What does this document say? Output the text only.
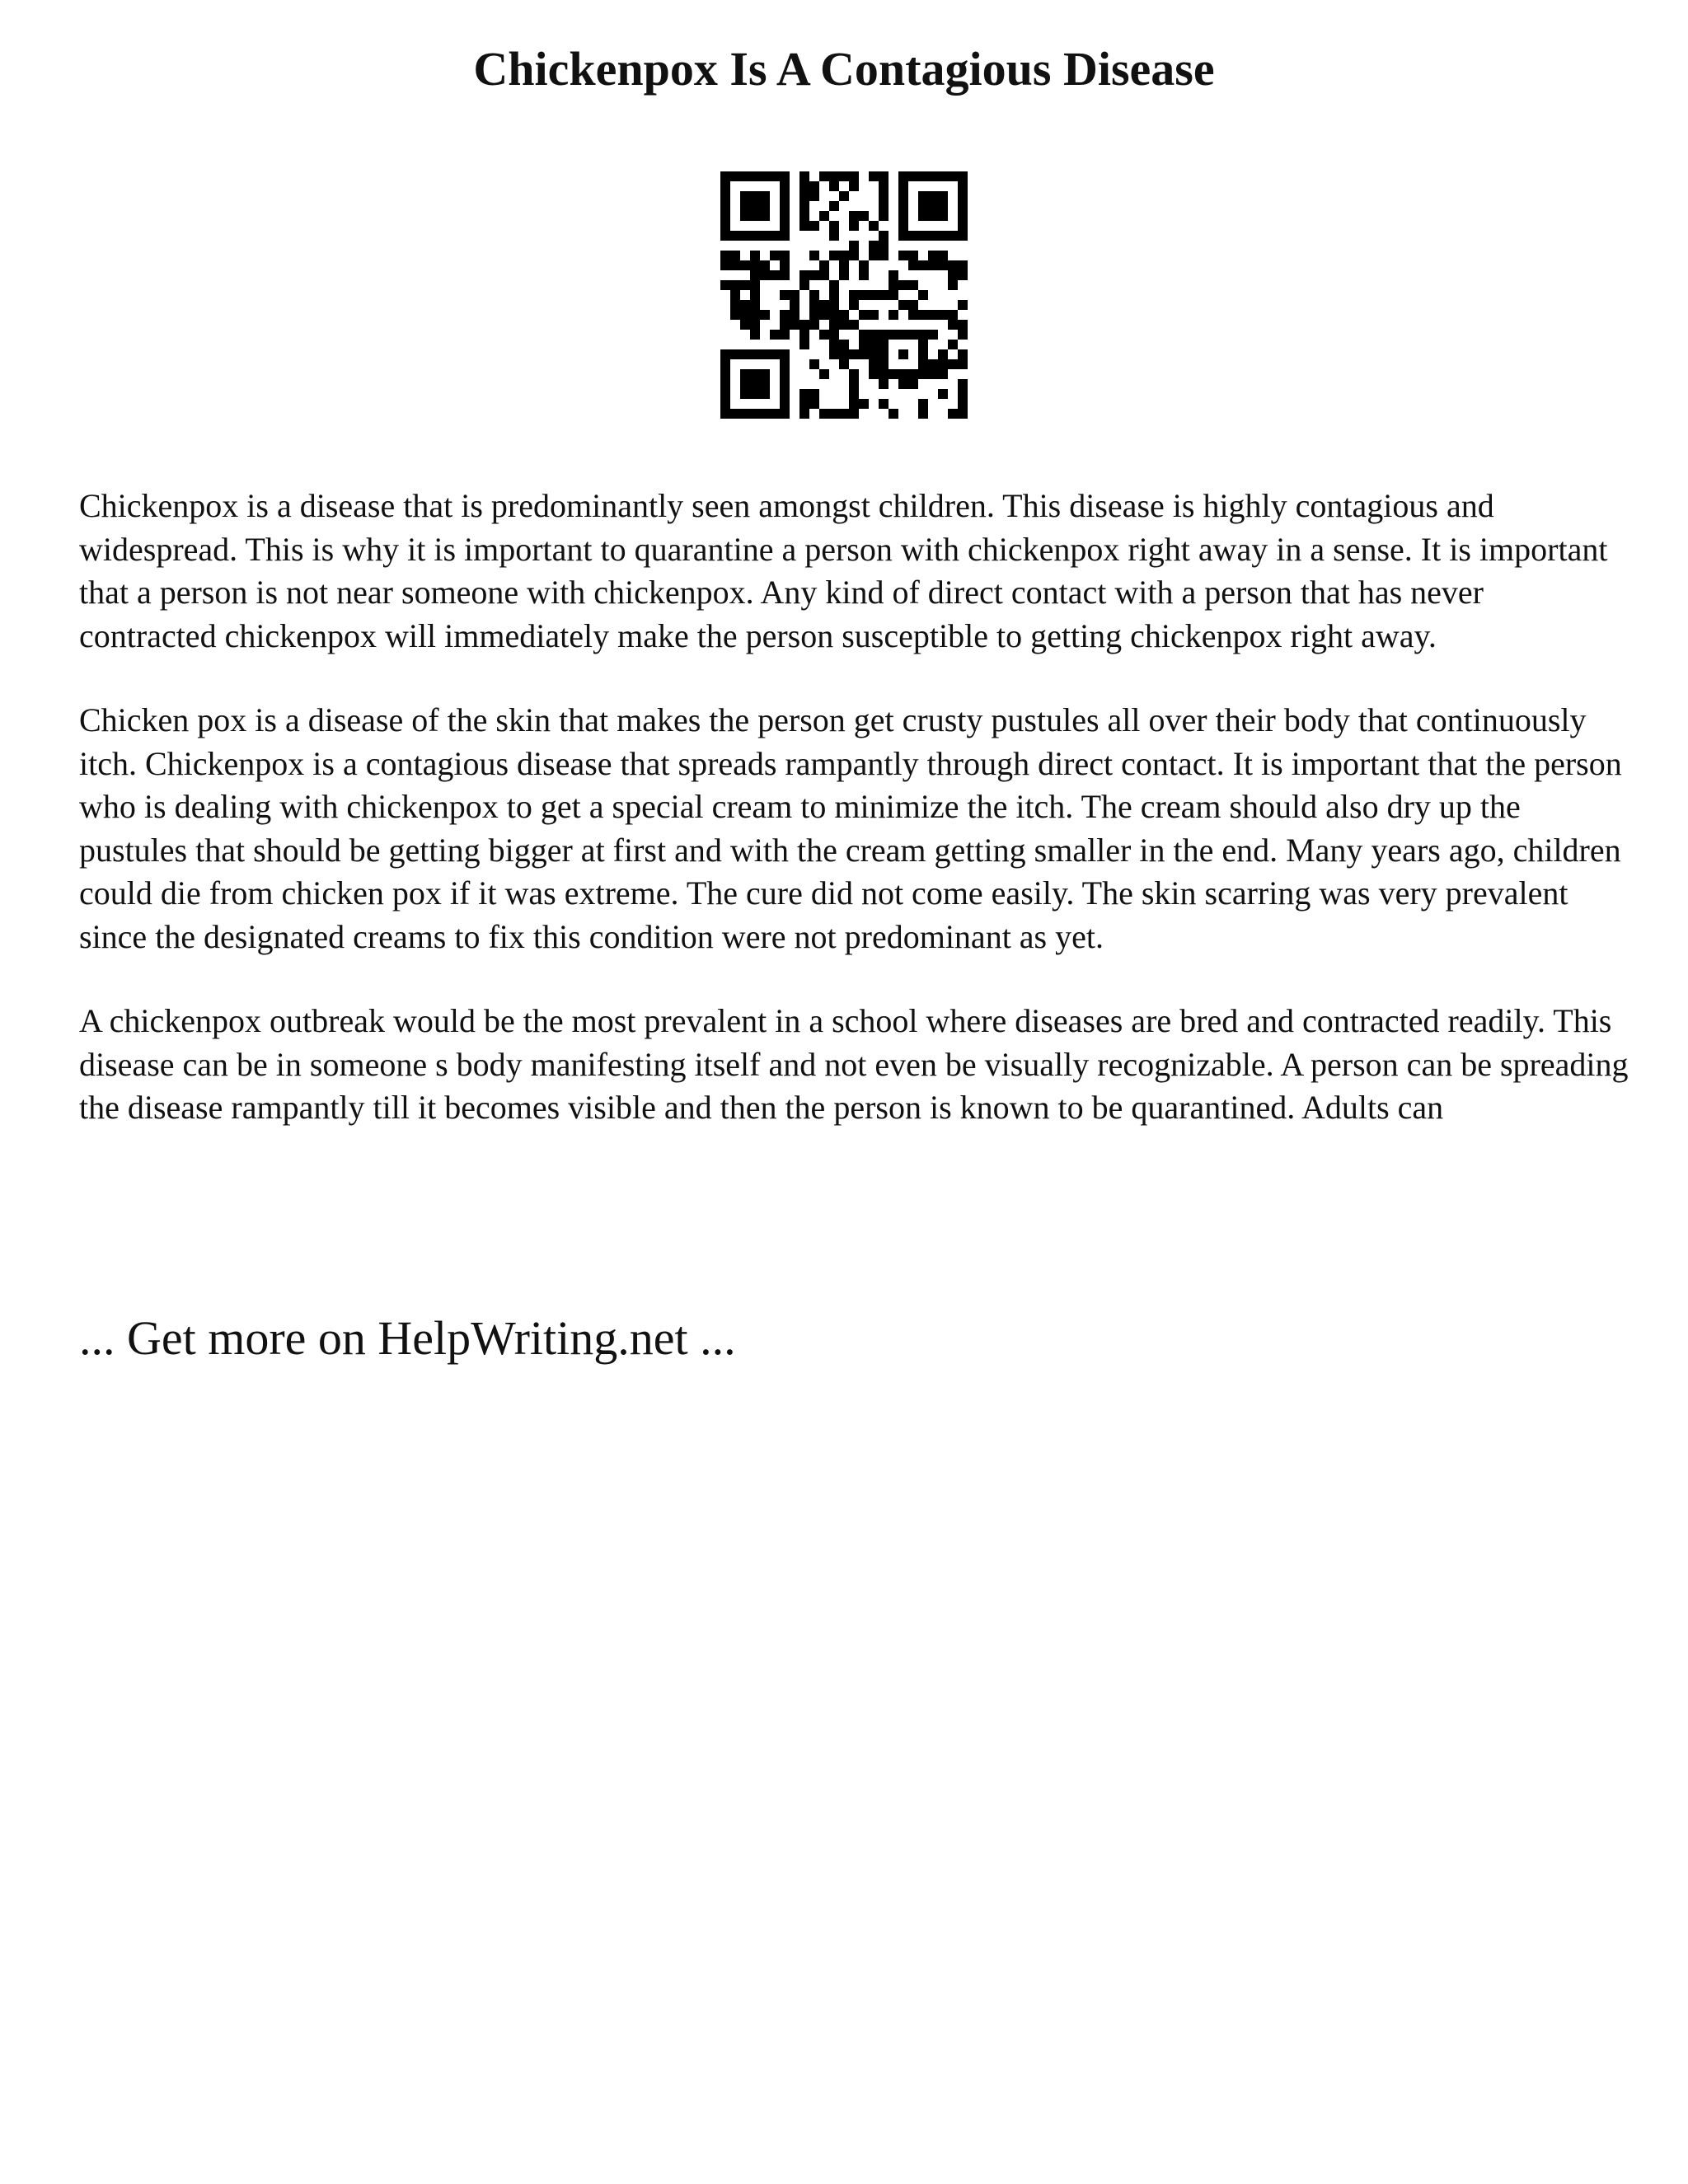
Chickenpox Is A Contagious Disease

Chickenpox is a disease that is predominantly seen amongst children. This disease is highly contagious and widespread. This is why it is important to quarantine a person with chickenpox right away in a sense. It is important that a person is not near someone with chickenpox. Any kind of direct contact with a person that has never contracted chickenpox will immediately make the person susceptible to getting chickenpox right away.

Chicken pox is a disease of the skin that makes the person get crusty pustules all over their body that continuously itch. Chickenpox is a contagious disease that spreads rampantly through direct contact. It is important that the person who is dealing with chickenpox to get a special cream to minimize the itch. The cream should also dry up the pustules that should be getting bigger at first and with the cream getting smaller in the end. Many years ago, children could die from chicken pox if it was extreme. The cure did not come easily. The skin scarring was very prevalent since the designated creams to fix this condition were not predominant as yet.

A chickenpox outbreak would be the most prevalent in a school where diseases are bred and contracted readily. This disease can be in someone s body manifesting itself and not even be visually recognizable. A person can be spreading the disease rampantly till it becomes visible and then the person is known to be quarantined. Adults can

... Get more on HelpWriting.net ...
